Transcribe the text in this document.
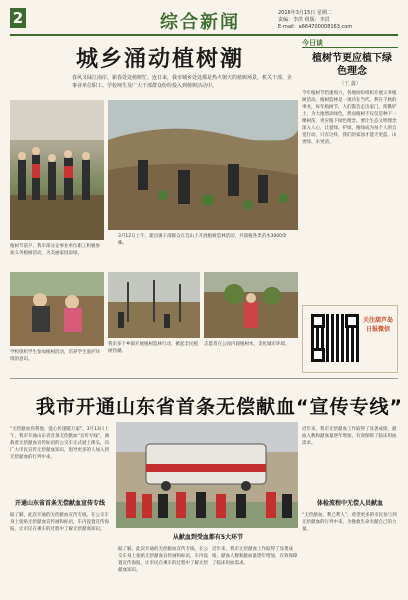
2	综合新闻	2016年3月15日 星期二
责编：李洪 组版：李洪
E-mail：a664700008163.com
城乡涌动植树潮
春风又绿江南岸，新春处处植树忙。连日来，我市城乡处处都是热火朝天的植树场景，机关干部、企事业单位职工、学校师生及广大干部群众纷纷投入到植树活动中。
植树节前夕，我市部分企事业单位职工积极参加义务植树活动，为美丽家园添绿。
3月12日上午，建昌镇干部群众在荒山上开展植树造林活动，共栽植各类苗木3000余株。
学校组织学生参加植树活动，培养学生爱护环境的意识。
我市多个乡镇开展植树造林行动，掀起全民植树热潮。
志愿者在公园内栽植树木，美化城市环境。
今日谈
植树节更应植下绿色理念
（王 鑫）
今年植树节恰逢周六，各地纷纷组织开展义务植树活动。植树造林是一项功在当代、利在千秋的事业，每年植树节，人们都会走出家门，挥锹铲土，为大地增添绿色。然而植树不仅仅是种下一棵树苗，更应植下绿色理念。要让生态文明理念深入人心，让爱绿、护绿、植绿成为每个人的自觉行动。只有这样，我们的家园才能天更蓝、山更绿、水更清。
关注葫芦岛日报微信
我市开通山东省首条无偿献血“宣传专线”
“无偿献血你我他，爱心传递暖万家”。3月13日上午，我市开通山东省首条无偿献血“宣传专线”，满载着无偿献血宣传标语的公交车正式驶上街头，向广大市民宣传无偿献血知识，倡导更多的人加入到无偿献血的行列中来。
开通山东省首条无偿献血宣传专线
据了解，此次开通的无偿献血宣传专线，在公交车身上张贴无偿献血宣传画和标语，车内设置宣传海报，让市民在乘车的过程中了解无偿献血知识。
从献血到受血都有5大环节
据了解，此次开通的无偿献血宣传专线，在公交车身上张贴无偿献血宣传画和标语，车内设置宣传海报，让市民在乘车的过程中了解无偿献血知识。
近年来，我市无偿献血工作取得了显著成绩，献血人数和献血量逐年增加，有效保障了临床用血需求。
近年来，我市无偿献血工作取得了显著成绩，献血人数和献血量逐年增加，有效保障了临床用血需求。
体检流程中无偿人员献血
“无偿献血，利己利人”，希望更多的市民参与到无偿献血的行列中来，为挽救生命贡献自己的力量。
